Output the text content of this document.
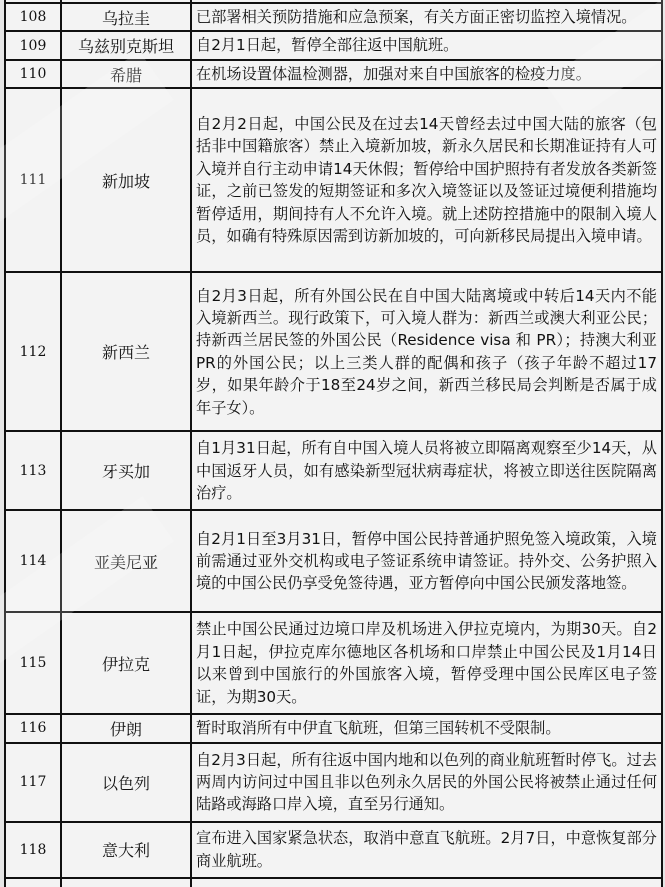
108	乌拉圭	已部署相关预防措施和应急预案，有关方面正密切监控入境情况。
109	乌兹别克斯坦	自2月1日起，暂停全部往返中国航班。
110	希腊	在机场设置体温检测器，加强对来自中国旅客的检疫力度。
111	新加坡	自2月2日起，中国公民及在过去14天曾经去过中国大陆的旅客（包括非中国籍旅客）禁止入境新加坡，新永久居民和长期准证持有人可入境并自行主动申请14天休假；暂停给中国护照持有者发放各类新签证，之前已签发的短期签证和多次入境签证以及签证过境便利措施均暂停适用，期间持有人不允许入境。就上述防控措施中的限制入境人员，如确有特殊原因需到访新加坡的，可向新移民局提出入境申请。
112	新西兰	自2月3日起，所有外国公民在自中国大陆离境或中转后14天内不能入境新西兰。现行政策下，可入境人群为：新西兰或澳大利亚公民；持新西兰居民签的外国公民（Residence visa 和 PR）；持澳大利亚PR的外国公民；以上三类人群的配偶和孩子（孩子年龄不超过17岁，如果年龄介于18至24岁之间，新西兰移民局会判断是否属于成年子女）。
113	牙买加	自1月31日起，所有自中国入境人员将被立即隔离观察至少14天，从中国返牙人员，如有感染新型冠状病毒症状，将被立即送往医院隔离治疗。
114	亚美尼亚	自2月1日至3月31日，暂停中国公民持普通护照免签入境政策，入境前需通过亚外交机构或电子签证系统申请签证。持外交、公务护照入境的中国公民仍享受免签待遇，亚方暂停向中国公民颁发落地签。
115	伊拉克	禁止中国公民通过边境口岸及机场进入伊拉克境内，为期30天。自2月1日起，伊拉克库尔德地区各机场和口岸禁止中国公民及1月14日以来曾到中国旅行的外国旅客入境，暂停受理中国公民库区电子签证，为期30天。
116	伊朗	暂时取消所有中伊直飞航班，但第三国转机不受限制。
117	以色列	自2月3日起，所有往返中国内地和以色列的商业航班暂时停飞。过去两周内访问过中国且非以色列永久居民的外国公民将被禁止通过任何陆路或海路口岸入境，直至另行通知。
118	意大利	宣布进入国家紧急状态，取消中意直飞航班。2月7日，中意恢复部分商业航班。
